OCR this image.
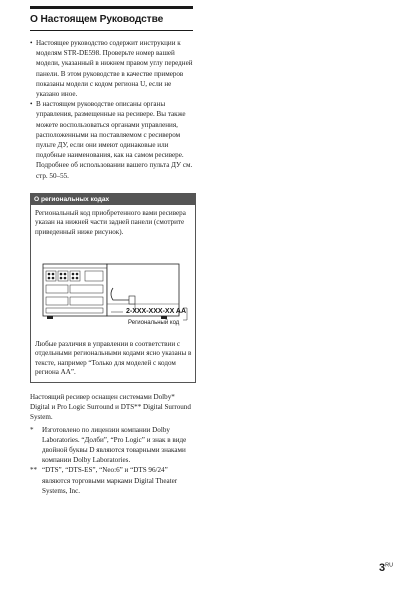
О Настоящем Руководстве
• Настоящее руководство содержит инструкции к моделям STR-DE598. Проверьте номер вашей модели, указанный в нижнем правом углу передней панели. В этом руководстве в качестве примеров показаны модели с кодом региона U, если не указано иное.
• В настоящем руководстве описаны органы управления, размещенные на ресивере. Вы также можете воспользоваться органами управления, расположенными на поставляемом с ресивером пульте ДУ, если они имеют одинаковые или подобные наименования, как на самом ресивере. Подробнее об использовании вашего пульта ДУ см. стр. 50–55.
О региональных кодах
Региональный код приобретенного вами ресивера указан на нижней части задней панели (смотрите приведенный ниже рисунок).
2-XXX-XXX-XX AA
Региональный код
Любые различия в управлении в соответствии с отдельными региональными кодами ясно указаны в тексте, например “Только для моделей с кодом региона AA”.
Настоящий ресивер оснащен системами Dolby* Digital и Pro Logic Surround и DTS** Digital Surround System.
* Изготовлено по лицензии компании Dolby Laboratories. “Долби”, “Pro Logic” и знак в виде двойной буквы D являются товарными знаками компании Dolby Laboratories.
** “DTS”, “DTS-ES”, “Neo:6” и “DTS 96/24” являются торговыми марками Digital Theater Systems, Inc.
$3^{RU}$
